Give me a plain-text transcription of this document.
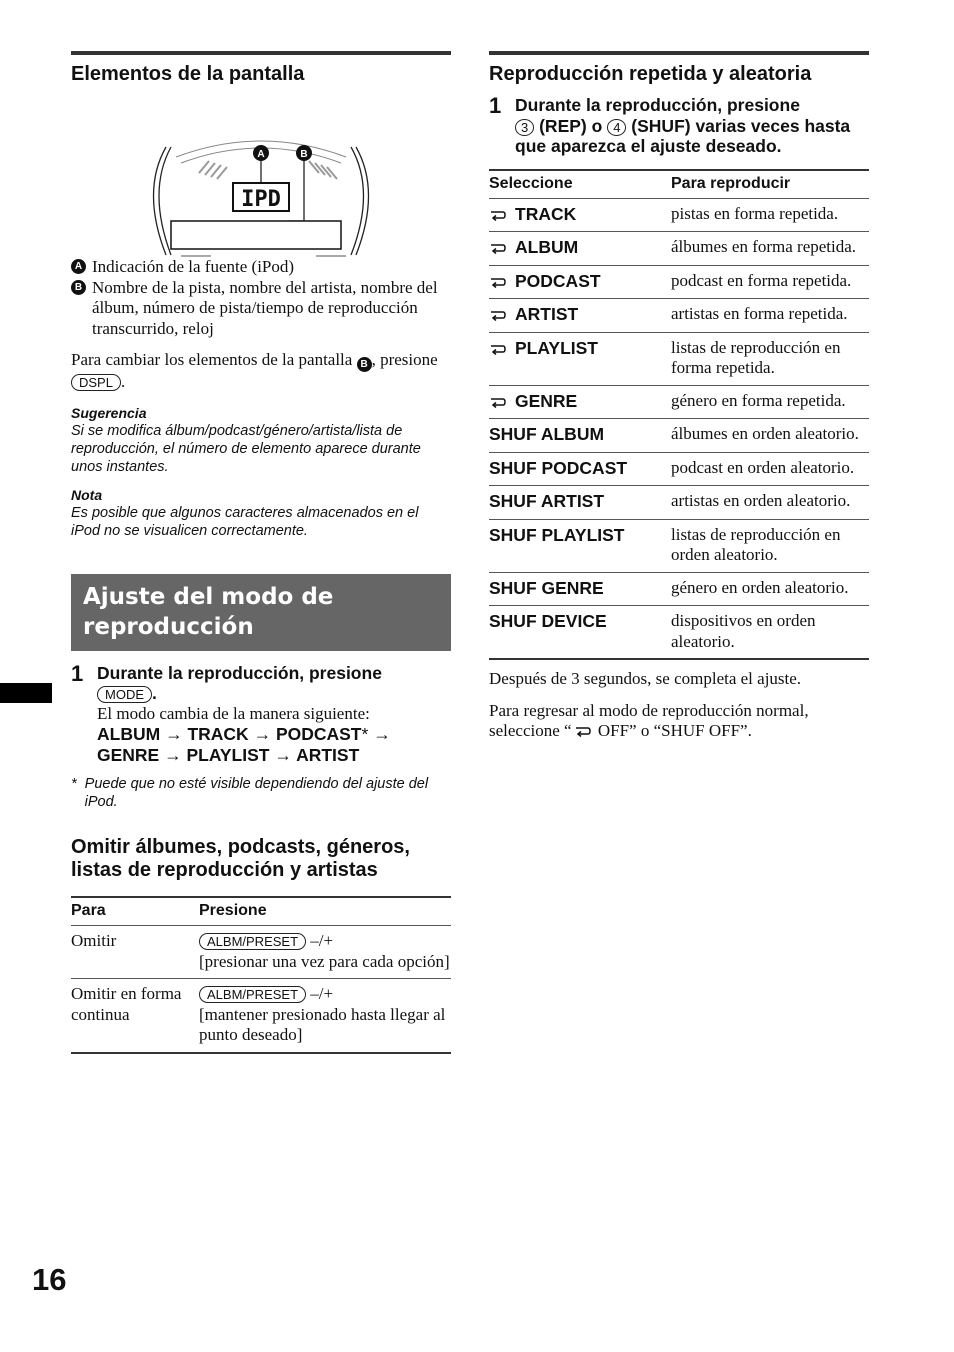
Elementos de la pantalla
IPD
A	B
A Indicación de la fuente (iPod)
B Nombre de la pista, nombre del artista, nombre del álbum, número de pista/tiempo de reproducción transcurrido, reloj

Para cambiar los elementos de la pantalla B , presione DSPL .

Sugerencia
Si se modifica álbum/podcast/género/artista/lista de reproducción, el número de elemento aparece durante unos instantes.
Nota
Es posible que algunos caracteres almacenados en el iPod no se visualicen correctamente.
Ajuste del modo de
reproducción
1 Durante la reproducción, presione
MODE .
El modo cambia de la manera siguiente:
ALBUM → TRACK → PODCAST* →
GENRE → PLAYLIST → ARTIST
* Puede que no esté visible dependiendo del ajuste del iPod.
Omitir álbumes, podcasts, géneros,
listas de reproducción y artistas
Para	Presione
Omitir	ALBM/PRESET –/+
[presionar una vez para cada opción]
Omitir en forma continua	ALBM/PRESET –/+
[mantener presionado hasta llegar al punto deseado]
Reproducción repetida y aleatoria
1 Durante la reproducción, presione
3 (REP) o 4 (SHUF) varias veces hasta que aparezca el ajuste deseado.
Seleccione	Para reproducir
TRACK	pistas en forma repetida.
ALBUM	álbumes en forma repetida.
PODCAST	podcast en forma repetida.
ARTIST	artistas en forma repetida.
PLAYLIST	listas de reproducción en forma repetida.
GENRE	género en forma repetida.
SHUF ALBUM	álbumes en orden aleatorio.
SHUF PODCAST	podcast en orden aleatorio.
SHUF ARTIST	artistas en orden aleatorio.
SHUF PLAYLIST	listas de reproducción en orden aleatorio.
SHUF GENRE	género en orden aleatorio.
SHUF DEVICE	dispositivos en orden aleatorio.

Después de 3 segundos, se completa el ajuste.

Para regresar al modo de reproducción normal, seleccione “ OFF” o “SHUF OFF”.

16
